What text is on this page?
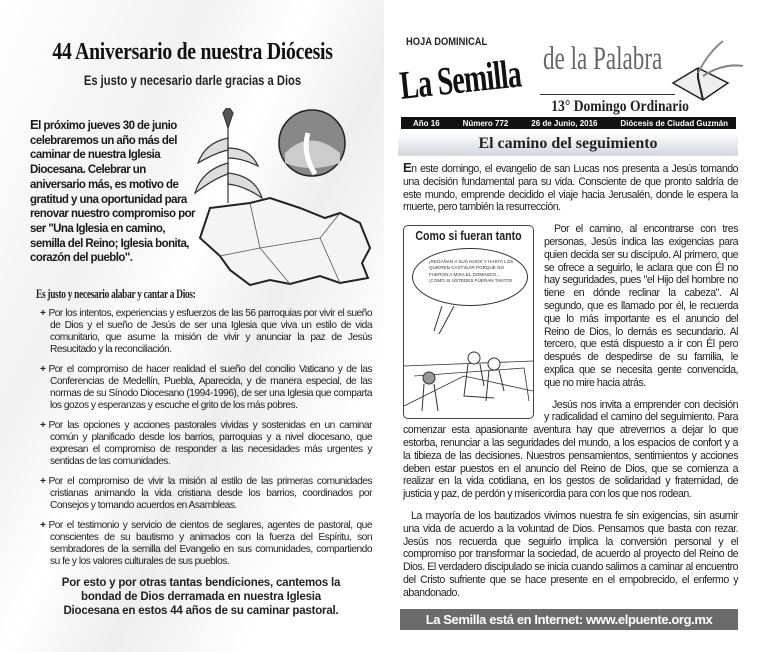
44 Aniversario de nuestra Diócesis
Es justo y necesario darle gracias a Dios

El próximo jueves 30 de junio celebraremos un año más del caminar de nuestra Iglesia Diocesana. Celebrar un aniversario más, es motivo de gratitud y una oportunidad para renovar nuestro compromiso por ser "Una Iglesia en camino, semilla del Reino; Iglesia bonita, corazón del pueblo".

Es justo y necesario alabar y cantar a Dios:

+ Por los intentos, experiencias y esfuerzos de las 56 parroquias por vivir el sueño de Dios y el sueño de Jesús de ser una Iglesia que viva un estilo de vida comunitario, que asume la misión de vivir y anunciar la paz de Jesús Resucitado y la reconciliación.

+ Por el compromiso de hacer realidad el sueño del concilio Vaticano y de las Conferencias de Medellín, Puebla, Aparecida, y de manera especial, de las normas de su Sínodo Diocesano (1994-1996), de ser una Iglesia que comparta los gozos y esperanzas y escuche el grito de los más pobres.

+ Por las opciones y acciones pastorales vividas y sostenidas en un caminar común y planificado desde los barrios, parroquias y a nivel diocesano, que expresan el compromiso de responder a las necesidades más urgentes y sentidas de las comunidades.

+ Por el compromiso de vivir la misión al estilo de las primeras comunidades cristianas animando la vida cristiana desde los barrios, coordinados por Consejos y tomando acuerdos en Asambleas.

+ Por el testimonio y servicio de cientos de seglares, agentes de pastoral, que conscientes de su bautismo y animados con la fuerza del Espíritu, son sembradores de la semilla del Evangelio en sus comunidades, compartiendo su fe y los valores culturales de sus pueblos.

Por esto y por otras tantas bendiciones, cantemos la bondad de Dios derramada en nuestra Iglesia Diocesana en estos 44 años de su caminar pastoral.

HOJA DOMINICAL
La Semilla de la Palabra
13° Domingo Ordinario
Año 16	Número 772	26 de Junio, 2016	Diócesis de Ciudad Guzmán
El camino del seguimiento

En este domingo, el evangelio de san Lucas nos presenta a Jesús tomando una decisión fundamental para su vida. Consciente de que pronto saldría de este mundo, emprende decidido el viaje hacia Jerusalén, donde le espera la muerte, pero también la resurrección.

Como si fueran tanto
¡REGAÑAN A SUS HIJOS Y HASTA LOS QUIEREN CASTIGAR PORQUE NO FUERON A MISA EL DOMINGO!... ¡COMO SI USTEDES FUERAN TANTO!!

Por el camino, al encontrarse con tres personas, Jesús indica las exigencias para quien decida ser su discípulo. Al primero, que se ofrece a seguirlo, le aclara que con Él no hay seguridades, pues "el Hijo del hombre no tiene en dónde reclinar la cabeza". Al segundo, que es llamado por él, le recuerda que lo más importante es el anuncio del Reino de Dios, lo demás es secundario. Al tercero, que está dispuesto a ir con Él pero después de despedirse de su familia, le explica que se necesita gente convencida, que no mire hacia atrás.

Jesús nos invita a emprender con decisión y radicalidad el camino del seguimiento. Para comenzar esta apasionante aventura hay que atrevernos a dejar lo que estorba, renunciar a las seguridades del mundo, a los espacios de confort y a la tibieza de las decisiones. Nuestros pensamientos, sentimientos y acciones deben estar puestos en el anuncio del Reino de Dios, que se comienza a realizar en la vida cotidiana, en los gestos de solidaridad y fraternidad, de justicia y paz, de perdón y misericordia para con los que nos rodean.

La mayoría de los bautizados vivimos nuestra fe sin exigencias, sin asumir una vida de acuerdo a la voluntad de Dios. Pensamos que basta con rezar. Jesús nos recuerda que seguirlo implica la conversión personal y el compromiso por transformar la sociedad, de acuerdo al proyecto del Reino de Dios. El verdadero discipulado se inicia cuando salimos a caminar al encuentro del Cristo sufriente que se hace presente en el empobrecido, el enfermo y abandonado.

La Semilla está en Internet: www.elpuente.org.mx
